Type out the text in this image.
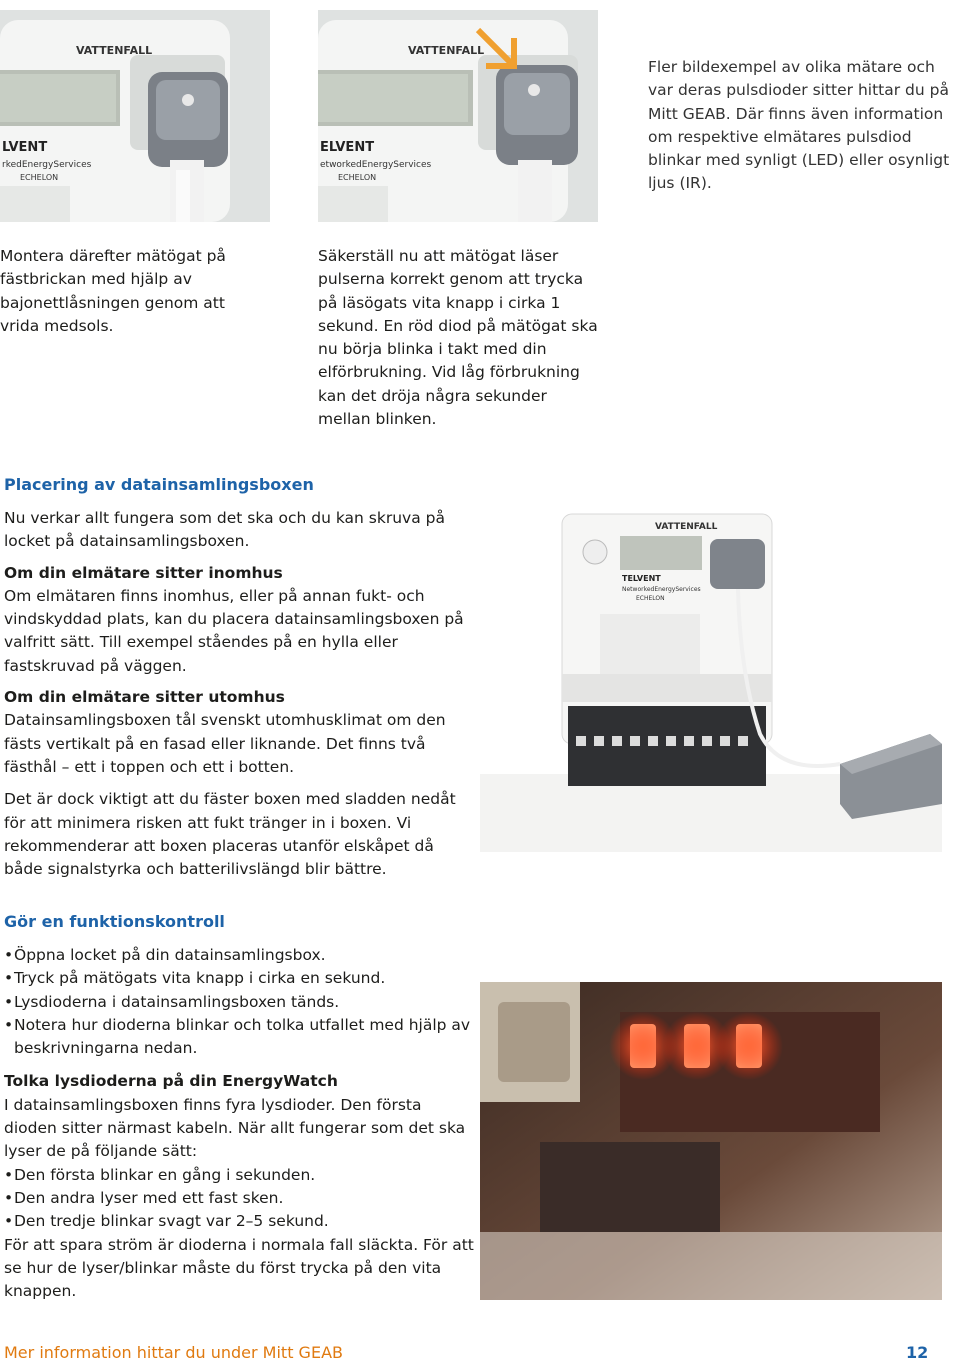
VATTENFALL
LVENT
rkedEnergyServices
ECHELON
VATTENFALL
ELVENT
etworkedEnergyServices
ECHELON
Fler bildexempel av olika mätare och var deras pulsdioder sitter hittar du på Mitt GEAB. Där finns även information om respektive elmätares pulsdiod blinkar med synligt (LED) eller osynligt ljus (IR).
Montera därefter mätögat på fästbrickan med hjälp av bajonettlåsningen genom att vrida medsols.
Säkerställ nu att mätögat läser pulserna korrekt genom att trycka på läsögats vita knapp i cirka 1 sekund. En röd diod på mätögat ska nu börja blinka i takt med din elförbrukning. Vid låg förbrukning kan det dröja några sekunder mellan blinken.
Placering av datainsamlingsboxen
Nu verkar allt fungera som det ska och du kan skruva på locket på datainsamlingsboxen.
Om din elmätare sitter inomhus
Om elmätaren finns inomhus, eller på annan fukt- och vindskyddad plats, kan du placera datainsamlingsboxen på valfritt sätt. Till exempel ståendes på en hylla eller fastskruvad på väggen.
Om din elmätare sitter utomhus
Datainsamlingsboxen tål svenskt utomhusklimat om den fästs vertikalt på en fasad eller liknande. Det finns två fästhål – ett i toppen och ett i botten.
Det är dock viktigt att du fäster boxen med sladden nedåt för att minimera risken att fukt tränger in i boxen. Vi rekommenderar att boxen placeras utanför elskåpet då både signalstyrka och batterilivslängd blir bättre.
VATTENFALL
TELVENT
NetworkedEnergyServices
ECHELON
Gör en funktionskontroll
• Öppna locket på din datainsamlingsbox.
• Tryck på mätögats vita knapp i cirka en sekund.
• Lysdioderna i datainsamlingsboxen tänds.
• Notera hur dioderna blinkar och tolka utfallet med hjälp av beskrivningarna nedan.
Tolka lysdioderna på din EnergyWatch
I datainsamlingsboxen finns fyra lysdioder. Den första dioden sitter närmast kabeln. När allt fungerar som det ska lyser de på följande sätt:
• Den första blinkar en gång i sekunden.
• Den andra lyser med ett fast sken.
• Den tredje blinkar svagt var 2–5 sekund.
För att spara ström är dioderna i normala fall släckta. För att se hur de lyser/blinkar måste du först trycka på den vita knappen.
Mer information hittar du under Mitt GEAB	12
